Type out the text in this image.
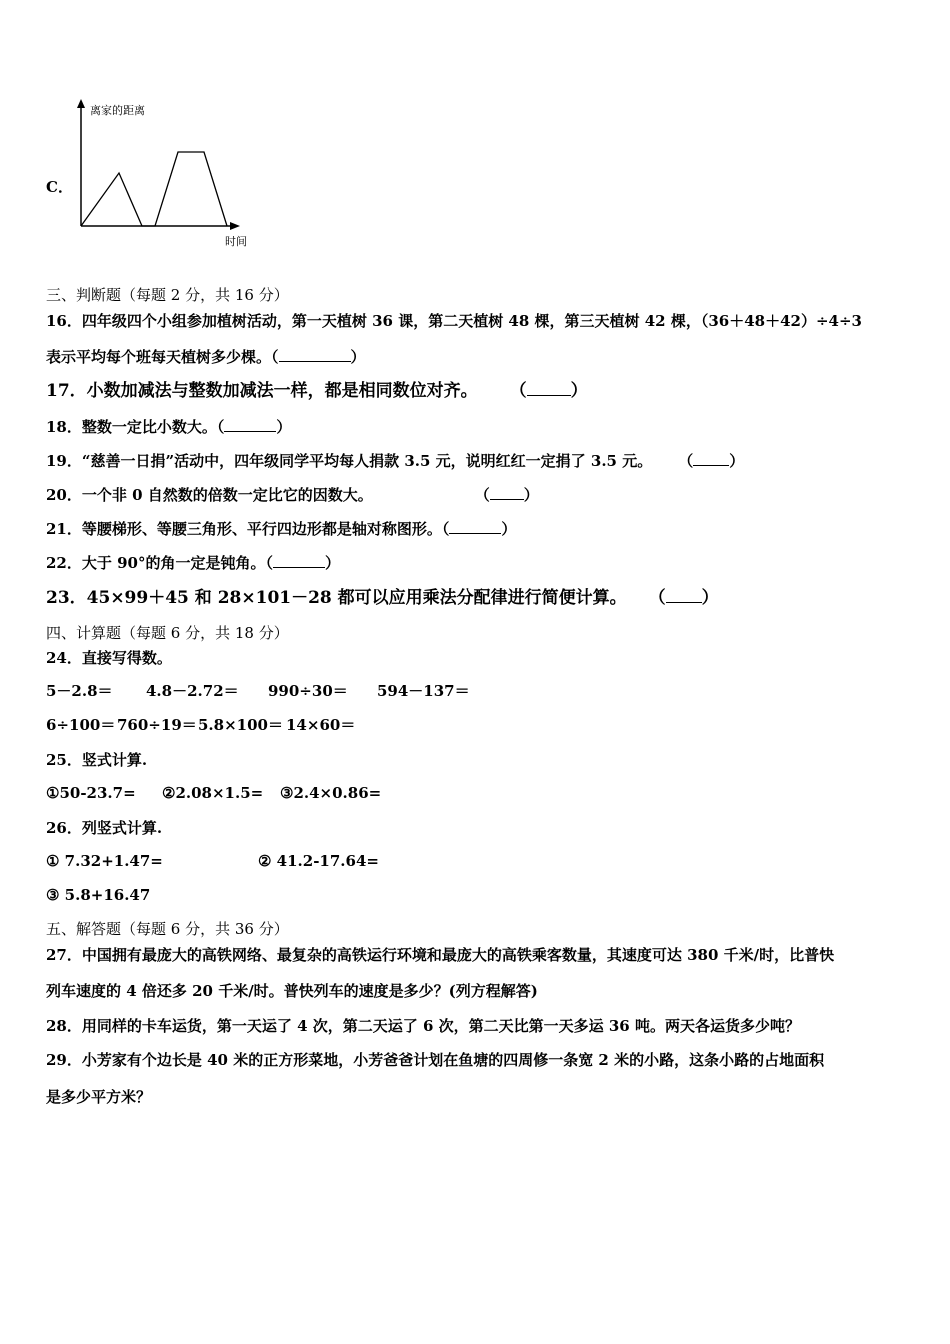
C．
离家的距离
时间
三、判断题（每题 2 分，共 16 分）
16．四年级四个小组参加植树活动，第一天植树 36 课，第二天植树 48 棵，第三天植树 42 棵，（36＋48＋42）÷4÷3
表示平均每个班每天植树多少棵。（	）
17．小数加减法与整数加减法一样，都是相同数位对齐。 （	）
18．整数一定比小数大。（	）
19．“慈善一日捐”活动中，四年级同学平均每人捐款 3.5 元，说明红红一定捐了 3.5 元。 （ ）
20．一个非 0 自然数的倍数一定比它的因数大。	（ ）
21．等腰梯形、等腰三角形、平行四边形都是轴对称图形。（	）
22．大于 90°的角一定是钝角。（	）
23．45×99＋45 和 28×101－28 都可以应用乘法分配律进行简便计算。 （ ）
四、计算题（每题 6 分，共 18 分）
24．直接写得数。
5－2.8＝ 4.8－2.72＝ 990÷30＝ 594－137＝
6÷100＝ 760÷19＝ 5.8×100＝ 14×60＝
25．竖式计算.
①50-23.7= ②2.08×1.5= ③2.4×0.86=
26．列竖式计算.
① 7.32+1.47=	② 41.2-17.64=
③ 5.8+16.47
五、解答题（每题 6 分，共 36 分）
27．中国拥有最庞大的高铁网络、最复杂的高铁运行环境和最庞大的高铁乘客数量，其速度可达 380 千米/时，比普快
列车速度的 4 倍还多 20 千米/时。普快列车的速度是多少？(列方程解答)
28．用同样的卡车运货，第一天运了 4 次，第二天运了 6 次，第二天比第一天多运 36 吨。两天各运货多少吨？
29．小芳家有个边长是 40 米的正方形菜地，小芳爸爸计划在鱼塘的四周修一条宽 2 米的小路，这条小路的占地面积
是多少平方米？
